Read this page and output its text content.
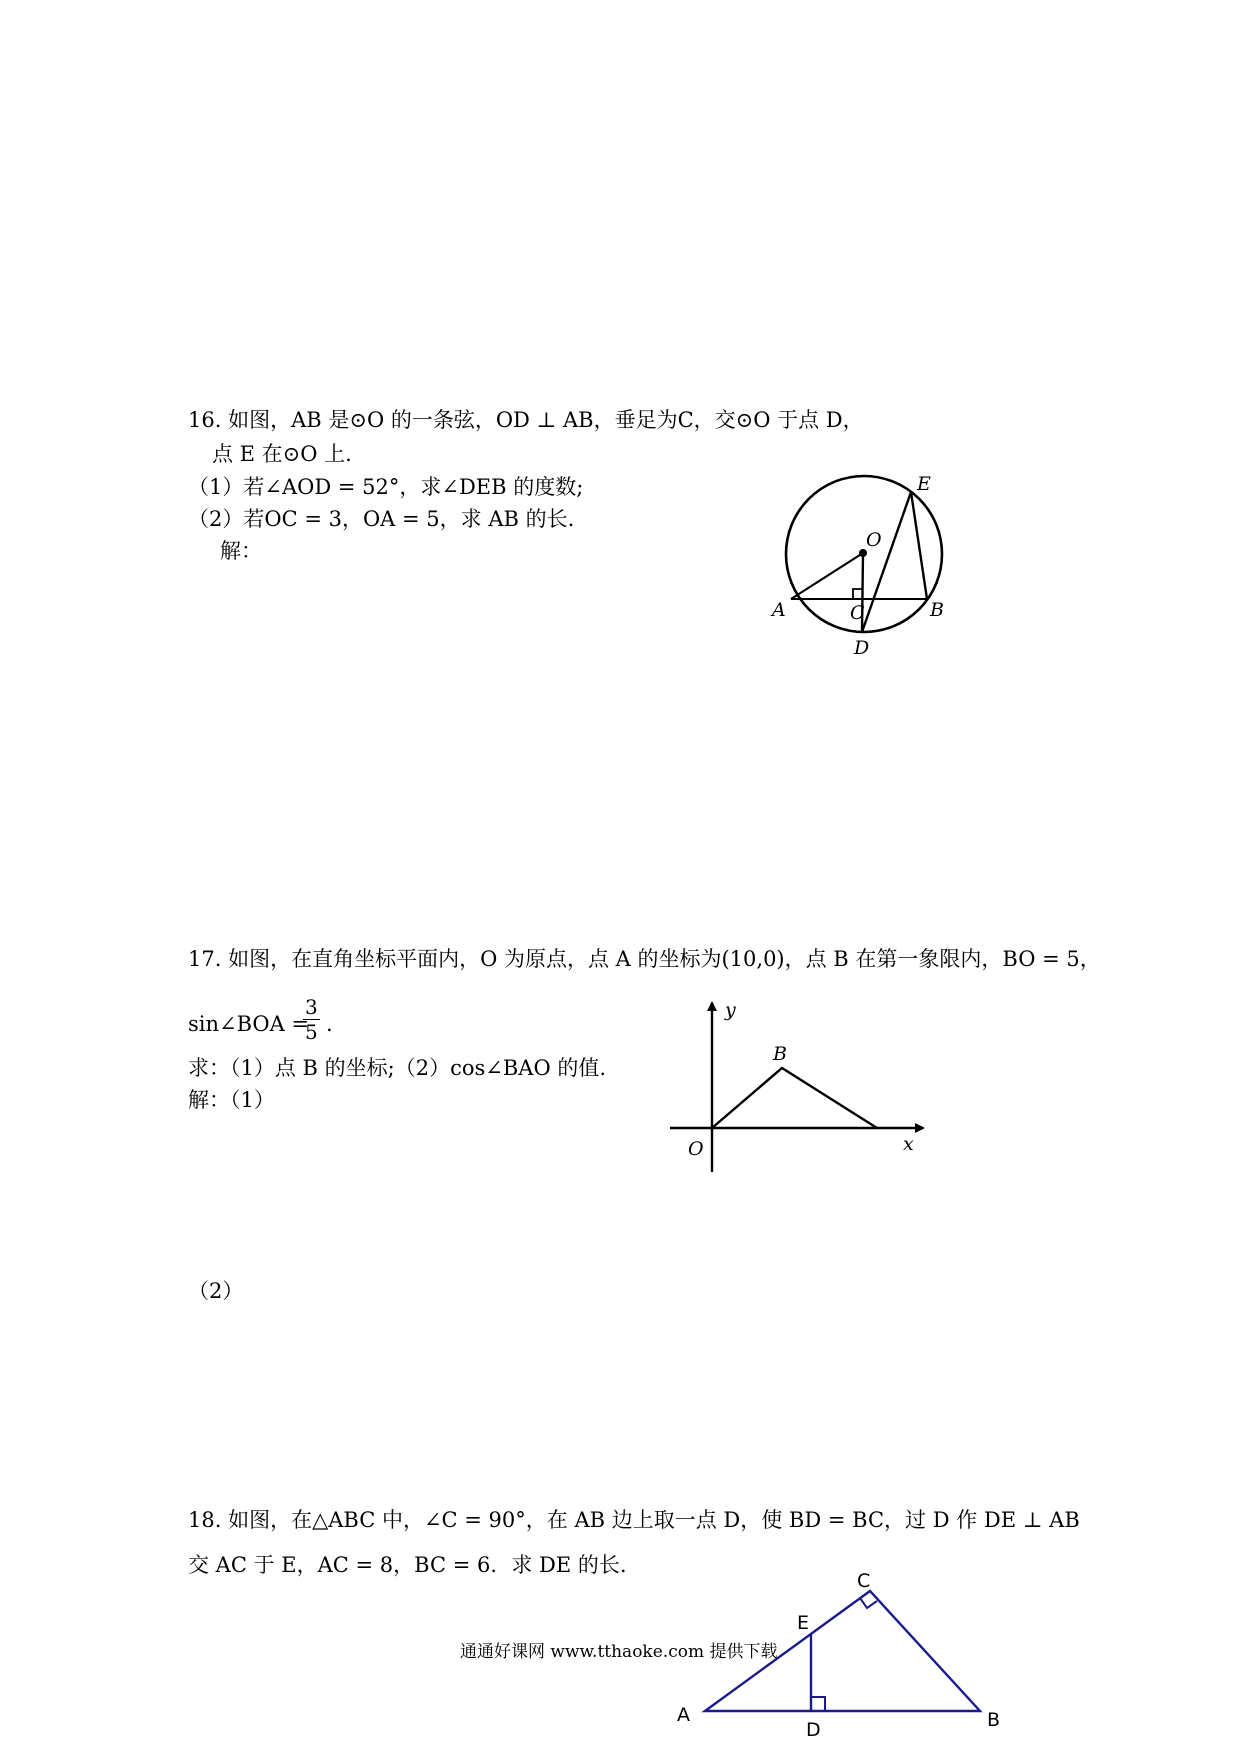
16. 如图，AB 是⊙O 的一条弦，OD ⊥ AB，垂足为C，交⊙O 于点 D，
点 E 在⊙O 上.
（1）若∠AOD = 52°，求∠DEB 的度数;
（2）若OC = 3，OA = 5，求 AB 的长.
解：
E
O
A	C	B
D
17. 如图，在直角坐标平面内，O 为原点，点 A 的坐标为(10,0)，点 B 在第一象限内，BO = 5，
sin∠BOA =
$\frac{3}{5}$ .
求：（1）点 B 的坐标;（2）cos∠BAO 的值.
解：（1）
（2）
y
B
O	x
18. 如图，在△ABC 中，∠C = 90°，在 AB 边上取一点 D，使 BD = BC，过 D 作 DE ⊥ AB
交 AC 于 E，AC = 8，BC = 6．求 DE 的长.
C
E
A
D	B
通通好课网 www.tthaoke.com 提供下载
